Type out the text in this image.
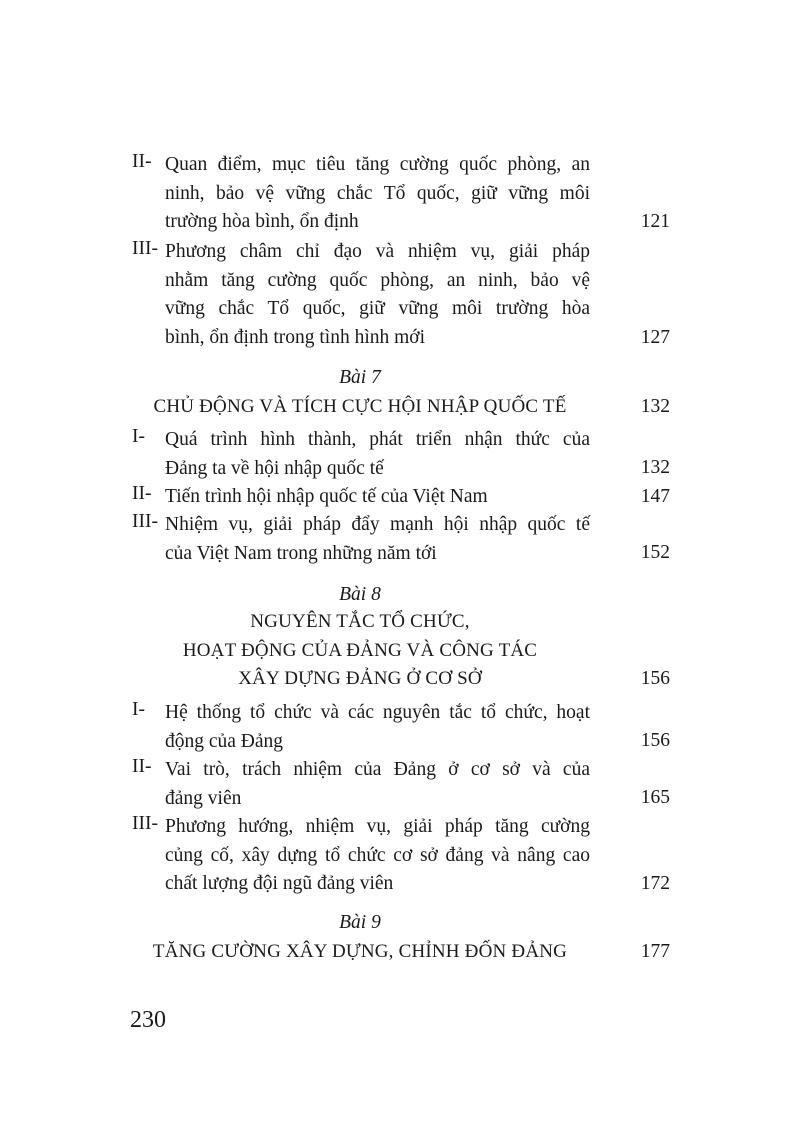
II- Quan điểm, mục tiêu tăng cường quốc phòng, an
ninh, bảo vệ vững chắc Tổ quốc, giữ vững môi
trường hòa bình, ổn định	121
III- Phương châm chỉ đạo và nhiệm vụ, giải pháp
nhằm tăng cường quốc phòng, an ninh, bảo vệ
vững chắc Tổ quốc, giữ vững môi trường hòa
bình, ổn định trong tình hình mới	127
Bài 7
CHỦ ĐỘNG VÀ TÍCH CỰC HỘI NHẬP QUỐC TẾ	132
I- Quá trình hình thành, phát triển nhận thức của
Đảng ta về hội nhập quốc tế	132
II- Tiến trình hội nhập quốc tế của Việt Nam	147
III- Nhiệm vụ, giải pháp đẩy mạnh hội nhập quốc tế
của Việt Nam trong những năm tới	152
Bài 8
NGUYÊN TẮC TỔ CHỨC,
HOẠT ĐỘNG CỦA ĐẢNG VÀ CÔNG TÁC
XÂY DỰNG ĐẢNG Ở CƠ SỞ	156
I- Hệ thống tổ chức và các nguyên tắc tổ chức, hoạt
động của Đảng	156
II- Vai trò, trách nhiệm của Đảng ở cơ sở và của
đảng viên	165
III- Phương hướng, nhiệm vụ, giải pháp tăng cường
củng cố, xây dựng tổ chức cơ sở đảng và nâng cao
chất lượng đội ngũ đảng viên	172
Bài 9
TĂNG CƯỜNG XÂY DỰNG, CHỈNH ĐỐN ĐẢNG	177
230
